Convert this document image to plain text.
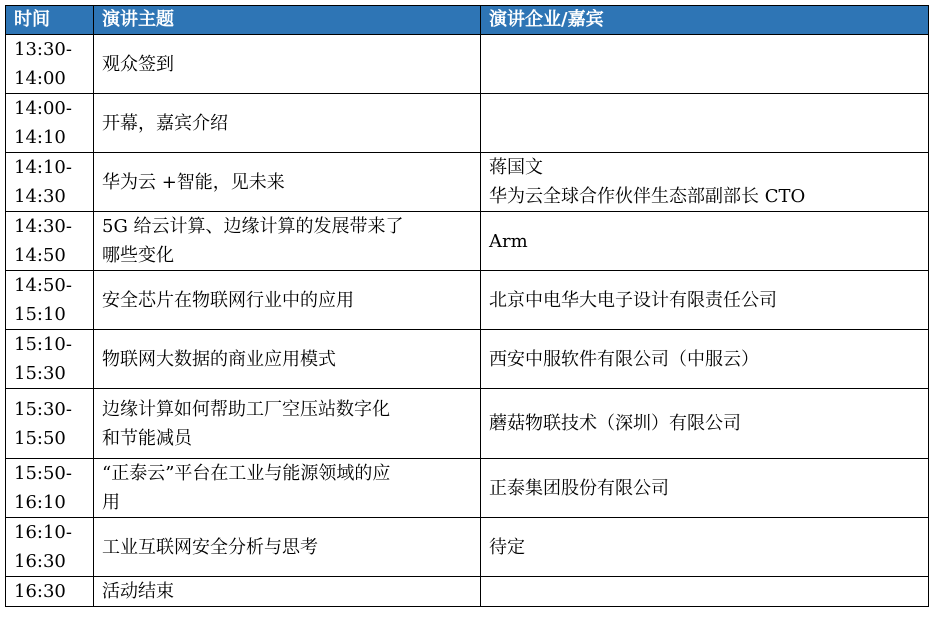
时间	演讲主题	演讲企业/嘉宾

13:30-
14:00	观众签到	

14:00-
14:10	开幕，嘉宾介绍	

14:10-
14:30	华为云 +智能，见未来	蒋国文
华为云全球合作伙伴生态部副部长 CTO

14:30-
14:50	5G 给云计算、边缘计算的发展带来了
哪些变化	Arm

14:50-
15:10	安全芯片在物联网行业中的应用	北京中电华大电子设计有限责任公司

15:10-
15:30	物联网大数据的商业应用模式	西安中服软件有限公司（中服云）

15:30-
15:50	边缘计算如何帮助工厂空压站数字化
和节能减员	蘑菇物联技术（深圳）有限公司

15:50-
16:10	“正泰云”平台在工业与能源领域的应
用	正泰集团股份有限公司

16:10-
16:30	工业互联网安全分析与思考	待定
16:30	活动结束	
